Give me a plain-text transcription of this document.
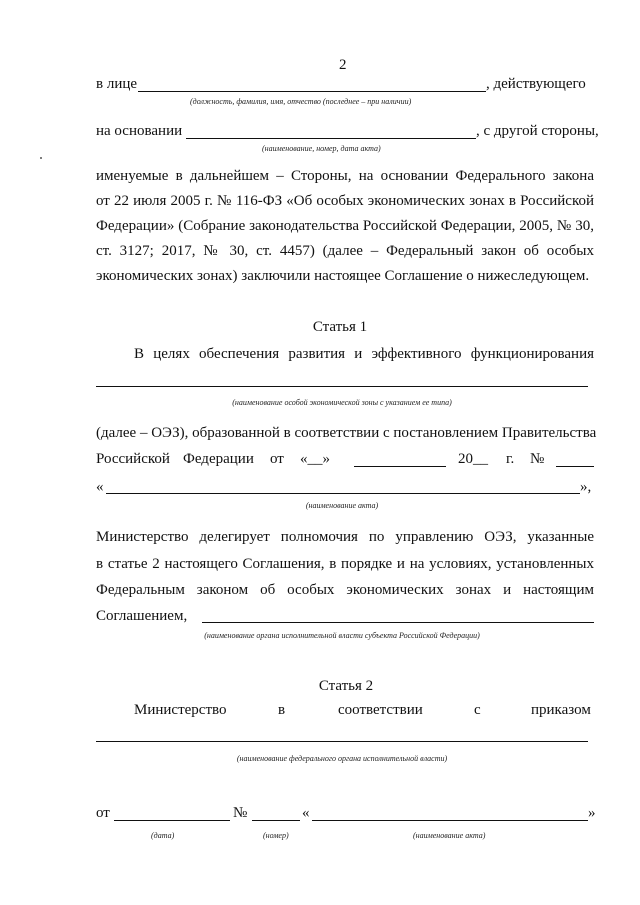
2
в лице	, действующего
(должность, фамилия, имя, отчество (последнее – при наличии)
на основании	, с другой стороны,
(наименование, номер, дата акта)
именуемые в дальнейшем – Стороны, на основании Федерального закона
от 22 июля 2005 г. № 116-ФЗ «Об особых экономических зонах в Российской
Федерации» (Собрание законодательства Российской Федерации, 2005, № 30,
ст. 3127; 2017, № 30, ст. 4457) (далее – Федеральный закон об особых
экономических зонах) заключили настоящее Соглашение о нижеследующем.
Статья 1
В целях обеспечения развития и эффективного функционирования
(наименование особой экономической зоны с указанием ее типа)
(далее – ОЭЗ), образованной в соответствии с постановлением Правительства
Российской Федерации от «__»	20__ г. №
«	»,
(наименование акта)
Министерство делегирует полномочия по управлению ОЭЗ, указанные
в статье 2 настоящего Соглашения, в порядке и на условиях, установленных
Федеральным законом об особых экономических зонах и настоящим
Соглашением,
(наименование органа исполнительной власти субъекта Российской Федерации)
Статья 2
Министерство	в	соответствии	с	приказом
(наименование федерального органа исполнительной власти)
от	№	«	»
(дата)	(номер)	(наименование акта)
